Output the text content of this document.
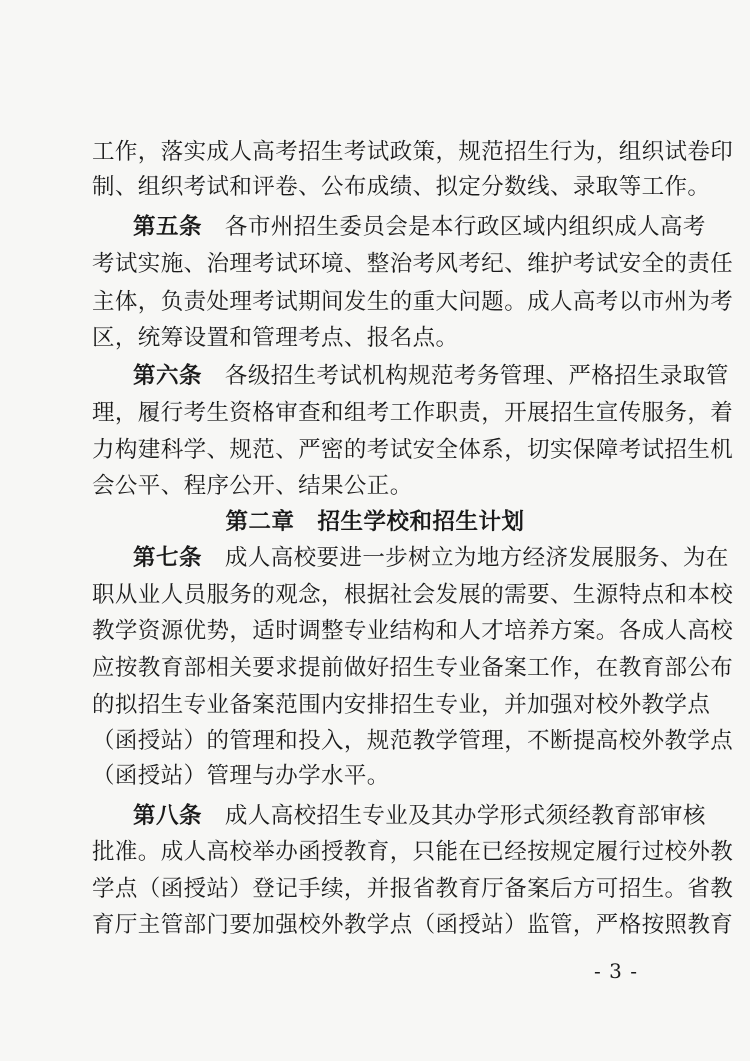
工作，落实成人高考招生考试政策，规范招生行为，组织试卷印
制、组织考试和评卷、公布成绩、拟定分数线、录取等工作。
第五条　 各市州招生委员会是本行政区域内组织成人高考
考试实施、治理考试环境、整治考风考纪、维护考试安全的责任
主体，负责处理考试期间发生的重大问题。成人高考以市州为考
区，统筹设置和管理考点、报名点。
第六条　 各级招生考试机构规范考务管理、严格招生录取管
理，履行考生资格审查和组考工作职责，开展招生宣传服务，着
力构建科学、规范、严密的考试安全体系，切实保障考试招生机
会公平、程序公开、结果公正。
第二章　招生学校和招生计划
第七条　 成人高校要进一步树立为地方经济发展服务、为在
职从业人员服务的观念，根据社会发展的需要、生源特点和本校
教学资源优势，适时调整专业结构和人才培养方案。各成人高校
应按教育部相关要求提前做好招生专业备案工作，在教育部公布
的拟招生专业备案范围内安排招生专业，并加强对校外教学点
（函授站）的管理和投入，规范教学管理，不断提高校外教学点
（函授站）管理与办学水平。
第八条　 成人高校招生专业及其办学形式须经教育部审核
批准。成人高校举办函授教育，只能在已经按规定履行过校外教
学点（函授站）登记手续，并报省教育厅备案后方可招生。省教
育厅主管部门要加强校外教学点（函授站）监管，严格按照教育
- 3 -
